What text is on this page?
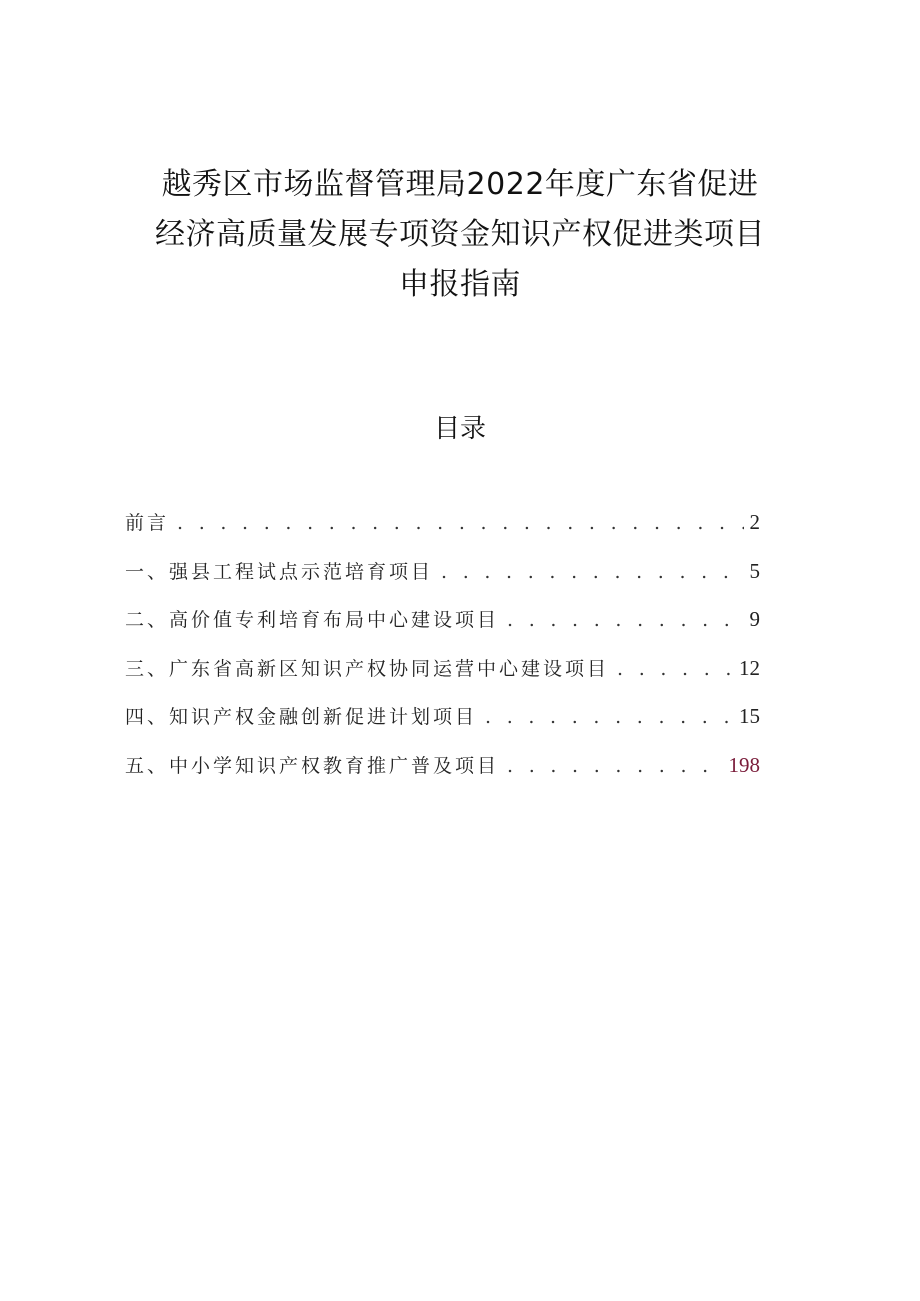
越秀区市场监督管理局2022年度广东省促进
经济高质量发展专项资金知识产权促进类项目
申报指南
目录
前言 . . .	2
一、强县工程试点示范培育项目 . . .	5
二、高价值专利培育布局中心建设项目 . . .	9
三、广东省高新区知识产权协同运营中心建设项目 . . .	12
四、知识产权金融创新促进计划项目 . . .	15
五、中小学知识产权教育推广普及项目 . . .	198
